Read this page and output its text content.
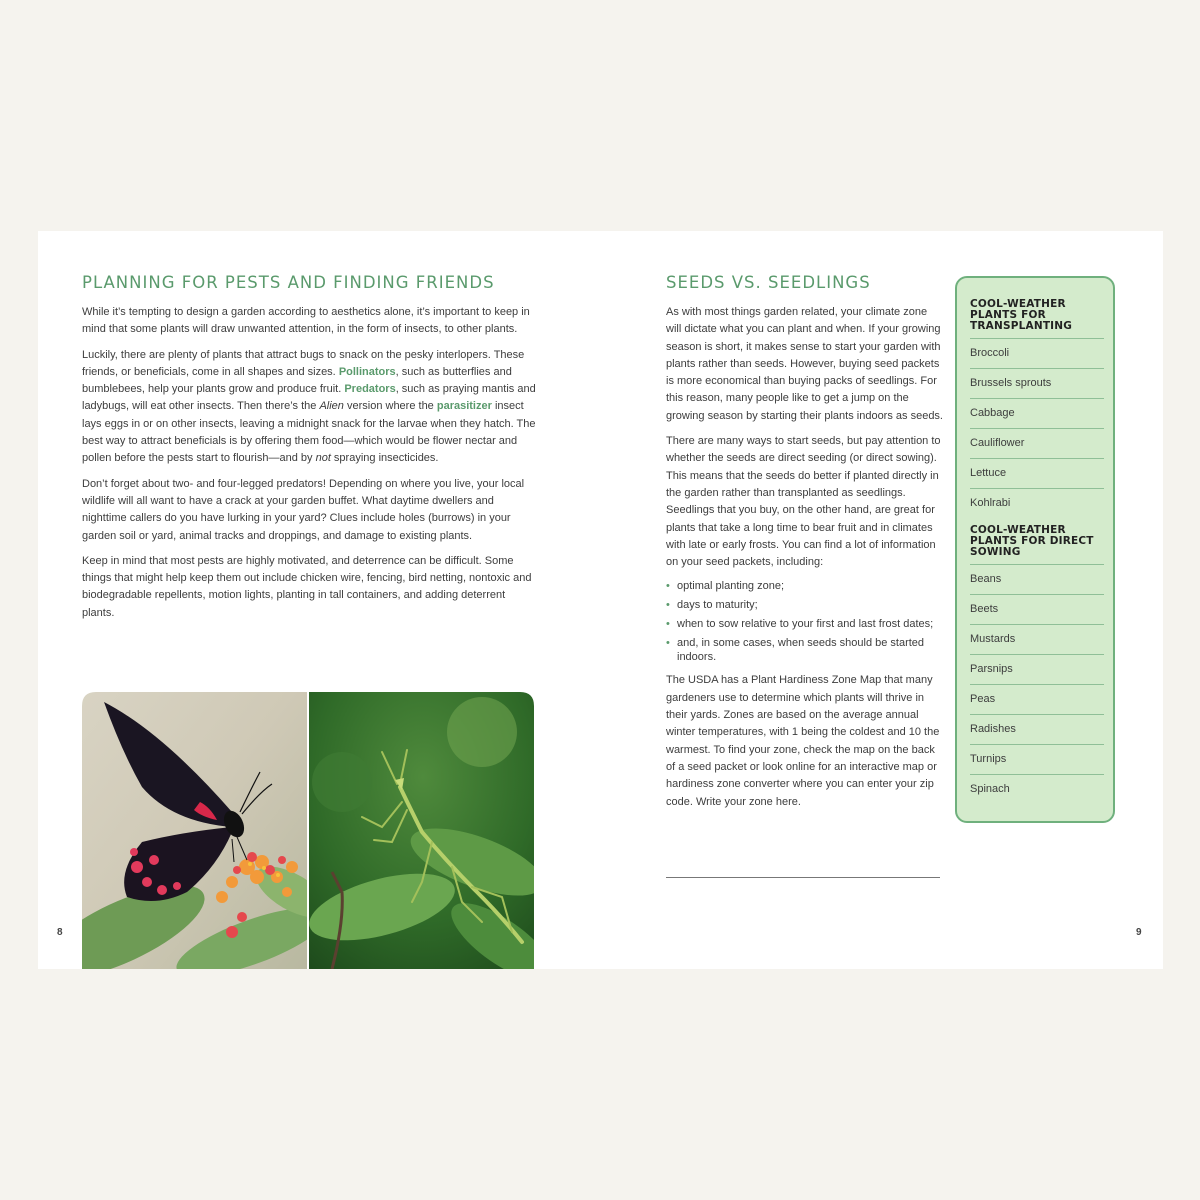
PLANNING FOR PESTS AND FINDING FRIENDS

While it’s tempting to design a garden according to aesthetics alone, it’s important to keep in mind that some plants will draw unwanted attention, in the form of insects, to other plants.

Luckily, there are plenty of plants that attract bugs to snack on the pesky interlopers. These friends, or beneficials, come in all shapes and sizes. Pollinators, such as butterflies and bumblebees, help your plants grow and produce fruit. Predators, such as praying mantis and ladybugs, will eat other insects. Then there’s the Alien version where the parasitizer insect lays eggs in or on other insects, leaving a midnight snack for the larvae when they hatch. The best way to attract beneficials is by offering them food—which would be flower nectar and pollen before the pests start to flourish—and by not spraying insecticides.

Don’t forget about two- and four-legged predators! Depending on where you live, your local wildlife will all want to have a crack at your garden buffet. What daytime dwellers and nighttime callers do you have lurking in your yard? Clues include holes (burrows) in your garden soil or yard, animal tracks and droppings, and damage to existing plants.

Keep in mind that most pests are highly motivated, and deterrence can be difficult. Some things that might help keep them out include chicken wire, fencing, bird netting, nontoxic and biodegradable repellents, motion lights, planting in tall containers, and adding deterrent plants.

8
SEEDS VS. SEEDLINGS

As with most things garden related, your climate zone will dictate what you can plant and when. If your growing season is short, it makes sense to start your garden with plants rather than seeds. However, buying seed packets is more economical than buying packs of seedlings. For this reason, many people like to get a jump on the growing season by starting their plants indoors as seeds.

There are many ways to start seeds, but pay attention to whether the seeds are direct seeding (or direct sowing). This means that the seeds do better if planted directly in the garden rather than transplanted as seedlings. Seedlings that you buy, on the other hand, are great for plants that take a long time to bear fruit and in climates with late or early frosts. You can find a lot of information on your seed packets, including:

• optimal planting zone;
• days to maturity;
• when to sow relative to your first and last frost dates;
• and, in some cases, when seeds should be started indoors.

The USDA has a Plant Hardiness Zone Map that many gardeners use to determine which plants will thrive in their yards. Zones are based on the average annual winter temperatures, with 1 being the coldest and 10 the warmest. To find your zone, check the map on the back of a seed packet or look online for an interactive map or hardiness zone converter where you can enter your zip code. Write your zone here.

COOL-WEATHER PLANTS FOR TRANSPLANTING
Broccoli
Brussels sprouts
Cabbage
Cauliflower
Lettuce
Kohlrabi
COOL-WEATHER PLANTS FOR DIRECT SOWING
Beans
Beets
Mustards
Parsnips
Peas
Radishes
Turnips
Spinach
9
